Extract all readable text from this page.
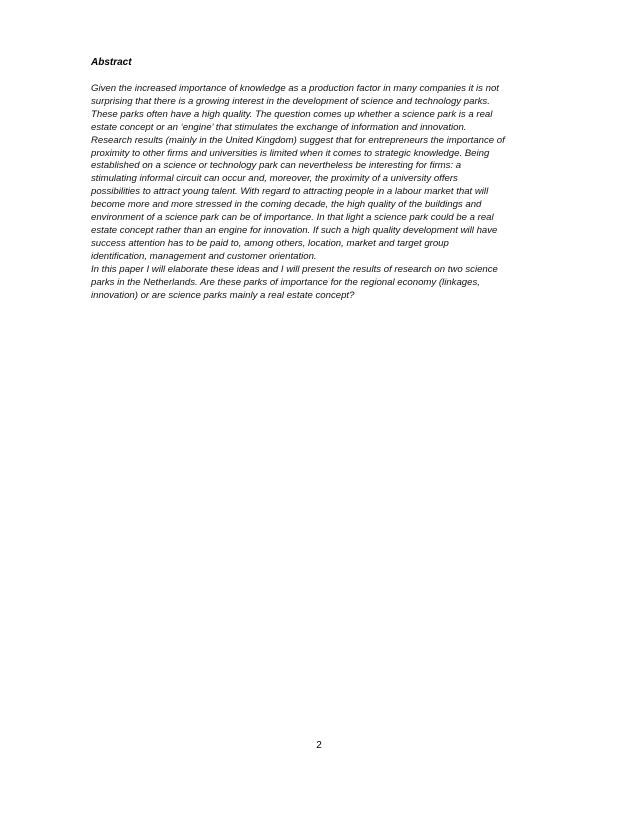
Abstract
Given the increased importance of knowledge as a production factor in many companies it is not
surprising that there is a growing interest in the development of science and technology parks.
These parks often have a high quality. The question comes up whether a science park is a real
estate concept or an ‘engine’ that stimulates the exchange of information and innovation.
Research results (mainly in the United Kingdom) suggest that for entrepreneurs the importance of
proximity to other firms and universities is limited when it comes to strategic knowledge. Being
established on a science or technology park can nevertheless be interesting for firms: a
stimulating informal circuit can occur and, moreover, the proximity of a university offers
possibilities to attract young talent. With regard to attracting people in a labour market that will
become more and more stressed in the coming decade, the high quality of the buildings and
environment of a science park can be of importance. In that light a science park could be a real
estate concept rather than an engine for innovation. If such a high quality development will have
success attention has to be paid to, among others, location, market and target group
identification, management and customer orientation.
In this paper I will elaborate these ideas and I will present the results of research on two science
parks in the Netherlands. Are these parks of importance for the regional economy (linkages,
innovation) or are science parks mainly a real estate concept?
2
